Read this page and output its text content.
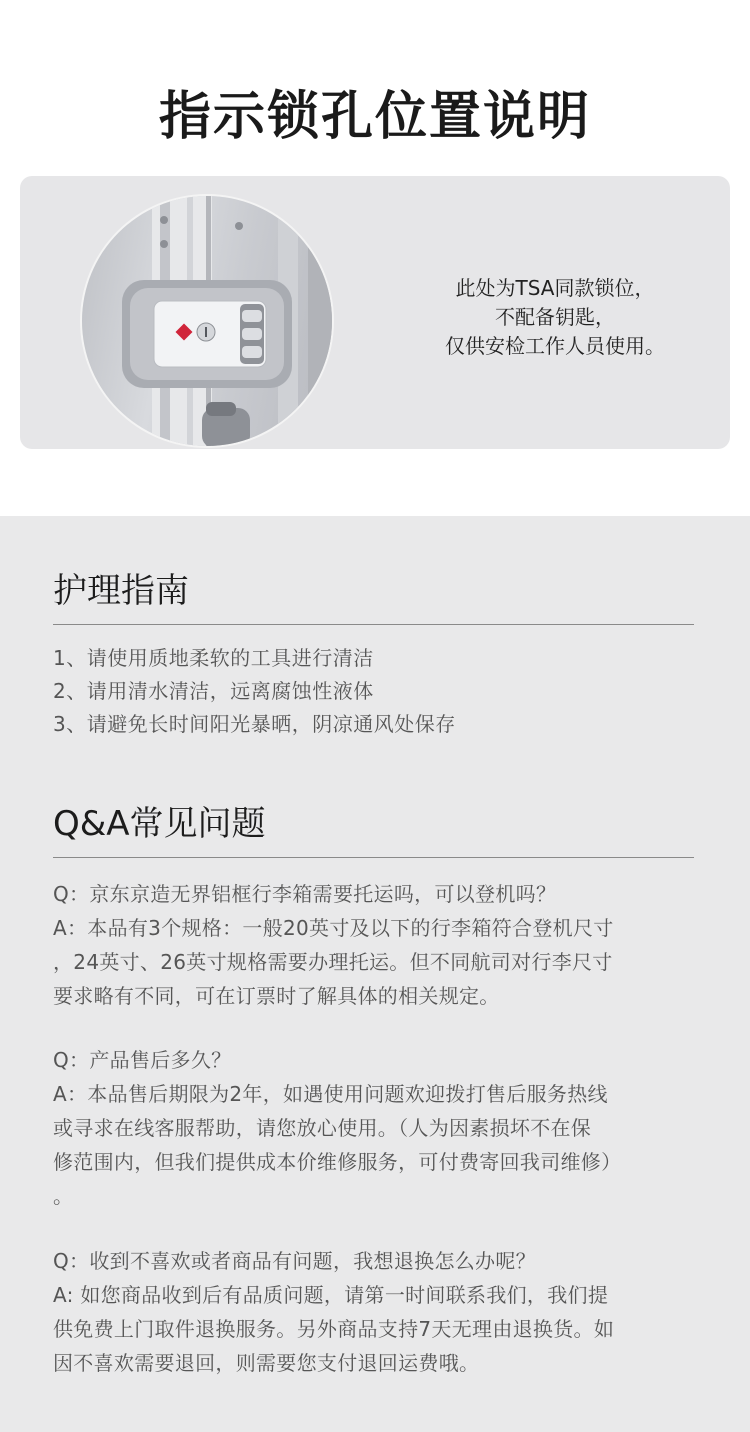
指示锁孔位置说明
此处为TSA同款锁位，
不配备钥匙，
仅供安检工作人员使用。
护理指南
1、请使用质地柔软的工具进行清洁
2、请用清水清洁，远离腐蚀性液体
3、请避免长时间阳光暴晒，阴凉通风处保存
Q&A常见问题

Q：京东京造无界铝框行李箱需要托运吗，可以登机吗？

A：本品有3个规格：一般20英寸及以下的行李箱符合登机尺寸

，24英寸、26英寸规格需要办理托运。但不同航司对行李尺寸

要求略有不同，可在订票时了解具体的相关规定。

Q：产品售后多久？

A：本品售后期限为2年，如遇使用问题欢迎拨打售后服务热线

或寻求在线客服帮助，请您放心使用。（人为因素损坏不在保

修范围内，但我们提供成本价维修服务，可付费寄回我司维修）

。

Q：收到不喜欢或者商品有问题，我想退换怎么办呢？

A: 如您商品收到后有品质问题，请第一时间联系我们，我们提

供免费上门取件退换服务。另外商品支持7天无理由退换货。如

因不喜欢需要退回，则需要您支付退回运费哦。
